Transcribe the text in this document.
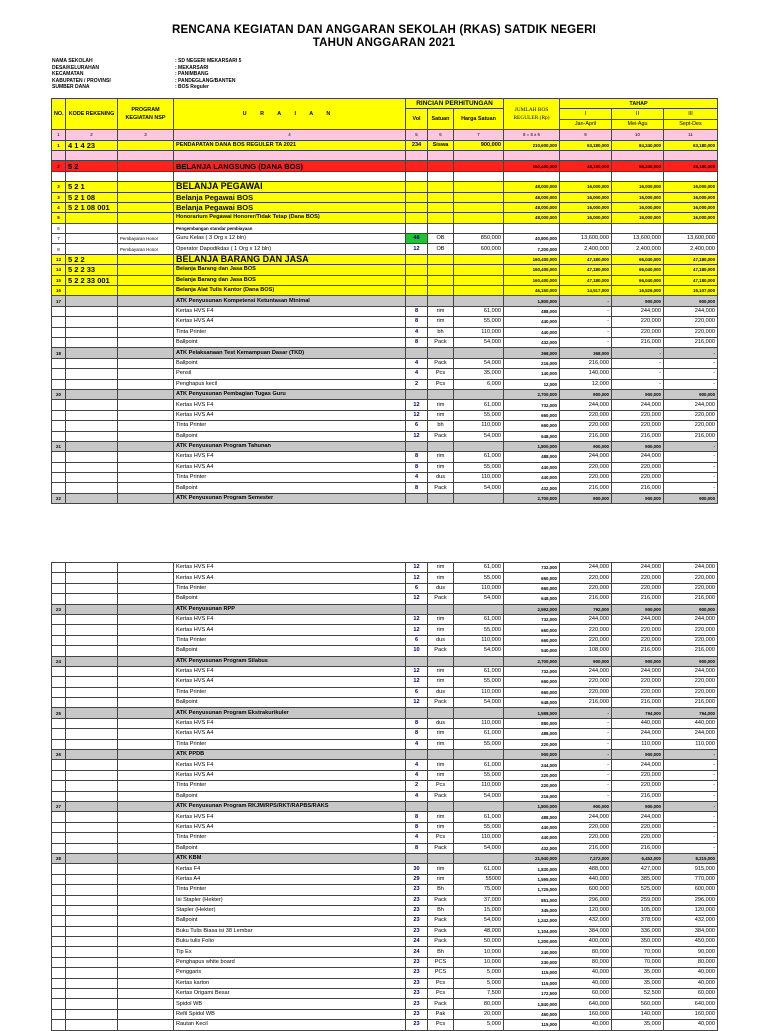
RENCANA KEGIATAN DAN ANGGARAN SEKOLAH (RKAS) SATDIK NEGERI
TAHUN ANGGARAN 2021
NAMA SEKOLAH	: SD NEGERI MEKARSARI 5
DESA/KELURAHAN	: MEKARSARI
KECAMATAN	: PANIMBANG
KABUPATEN / PROVINSI	: PANDEGLANG/BANTEN
SUMBER DANA	: BOS Reguler
NO.	KODE REKENING	PROGRAM KEGIATAN NSP	U R A I A N	RINCIAN PERHITUNGAN			JUMLAH BOS REGULER (Rp)	TAHAP		
				Vol	Satuan	Harga Satuan		I	II	III
								Jan-April	Mei-Agu	Sept-Des
1	2	3	4	5	6	7	8 = 5 x 6	9	10	11
1	4 1 4 23		PENDAPATAN DANA BOS REGULER TA 2021	234	Siswa	900,000	210,600,000	63,180,000	84,240,000	63,180,000

2	5 2		BELANJA LANGSUNG (DANA BOS)				160,400,000	48,180,000	66,240,000	48,180,000

3	5 2 1		BELANJA PEGAWAI				48,000,000	16,000,000	16,000,000	16,000,000
3	5 2 1 08		Belanja Pegawai BOS				48,000,000	16,000,000	16,000,000	16,000,000
4	5 2 1 08 001		Belanja Pegawai BOS				48,000,000	16,000,000	16,000,000	16,000,000
5			Honorarium Pegawai Honorer/Tidak Tetap (Dana BOS)				48,000,000	16,000,000	16,000,000	16,000,000
6			Pengembangan standar pembiayaan							
7		Pembayaran Honor	Guru Kelas ( 3 Org x 12 bln)	48	OB	850,000	40,800,000	13,600,000	13,600,000	13,600,000
8		Pembayaran Honor	Operator Dapodikdas ( 1 Org x 12 bln)	12	OB	600,000	7,200,000	2,400,000	2,400,000	2,400,000
13	5 2 2		BELANJA BARANG DAN JASA				160,400,000	47,180,000	66,040,000	47,180,000
14	5 2 2 33		Belanja Barang dan Jasa BOS				160,400,000	47,180,000	66,040,000	47,180,000
15	5 2 2 33 001		Belanja Barang dan Jasa BOS				160,400,000	47,180,000	66,040,000	47,180,000
16			Belanja Alat Tulis Kantor (Dana BOS)				46,150,000	14,517,000	16,526,000	15,107,000
17			ATK Penyusunan Kompetensi Ketuntasan Minimal				1,800,000	-	900,000	900,000
			Kertas HVS F4	8	rim	61,000	488,000	-	244,000	244,000
			Kertas HVS A4	8	rim	55,000	440,000	-	220,000	220,000
			Tinta Printer	4	bh	110,000	440,000	-	220,000	220,000
			Ballpoint	8	Pack	54,000	432,000	-	216,000	216,000
18			ATK Pelaksanaan Test Kemampuan Dasar (TKD)				368,000	368,000	-	-
			Ballpoint	4	Pack	54,000	216,000	216,000	-	-
			Pensil	4	Pcs	35,000	140,000	140,000	-	-
			Penghapus kecil	2	Pcs	6,000	12,000	12,000	-	-
20			ATK Penyusunan Pembagian Tugas Guru				2,700,000	900,000	900,000	900,000
			Kertas HVS F4	12	rim	61,000	732,000	244,000	244,000	244,000
			Kertas HVS A4	12	rim	55,000	660,000	220,000	220,000	220,000
			Tinta Printer	6	bh	110,000	660,000	220,000	220,000	220,000
			Ballpoint	12	Pack	54,000	648,000	216,000	216,000	216,000
21			ATK Penyusunan Program Tahunan				1,800,000	900,000	900,000	-
			Kertas HVS F4	8	rim	61,000	488,000	244,000	244,000	-
			Kertas HVS A4	8	rim	55,000	440,000	220,000	220,000	-
			Tinta Printer	4	dus	110,000	440,000	220,000	220,000	-
			Ballpoint	8	Pack	54,000	432,000	216,000	216,000	-
22			ATK Penyusunan Program Semester				2,700,000	900,000	900,000	900,000
			Kertas HVS F4	12	rim	61,000	732,000	244,000	244,000	244,000
			Kertas HVS A4	12	rim	55,000	660,000	220,000	220,000	220,000
			Tinta Printer	6	dus	110,000	660,000	220,000	220,000	220,000
			Ballpoint	12	Pack	54,000	648,000	216,000	216,000	216,000
23			ATK Penyusunan RPP				2,592,000	792,000	900,000	900,000
			Kertas HVS F4	12	rim	61,000	732,000	244,000	244,000	244,000
			Kertas HVS A4	12	rim	55,000	660,000	220,000	220,000	220,000
			Tinta Printer	6	dus	110,000	660,000	220,000	220,000	220,000
			Ballpoint	10	Pack	54,000	540,000	108,000	216,000	216,000
24			ATK Penyusunan Program Silabus				2,700,000	900,000	900,000	900,000
			Kertas HVS F4	12	rim	61,000	732,000	244,000	244,000	244,000
			Kertas HVS A4	12	rim	55,000	660,000	220,000	220,000	220,000
			Tinta Printer	6	dus	110,000	660,000	220,000	220,000	220,000
			Ballpoint	12	Pack	54,000	648,000	216,000	216,000	216,000
25			ATK Penyusunan Program Ekstrakurikuler				1,588,000	-	794,000	794,000
			Kertas HVS F4	8	dus	110,000	880,000	-	440,000	440,000
			Kertas HVS A4	8	rim	61,000	488,000	-	244,000	244,000
			Tinta Printer	4	rim	55,000	220,000	-	110,000	110,000
26			ATK PPDB				900,000	-	900,000	-
			Kertas HVS F4	4	rim	61,000	244,000	-	244,000	-
			Kertas HVS A4	4	rim	55,000	220,000	-	220,000	-
			Tinta Printer	2	Pcs	110,000	220,000	-	220,000	-
			Ballpoint	4	Pack	54,000	216,000	-	216,000	-
27			ATK Penyusunan Program RKJM/RPS/RKT/RAPBS/RAKS				1,800,000	900,000	900,000	-
			Kertas HVS F4	8	rim	61,000	488,000	244,000	244,000	-
			Kertas HVS A4	8	rim	55,000	440,000	220,000	220,000	-
			Tinta Printer	4	Pcs	110,000	440,000	220,000	220,000	-
			Ballpoint	8	Pack	54,000	432,000	216,000	216,000	-
28			ATK KBM				21,940,000	7,272,000	6,452,000	8,215,000
			Kertas F4	30	rim	61,000	1,830,000	488,000	427,000	915,000
			Kertas A4	29	rim	55000	1,595,000	440,000	385,000	770,000
			Tinta Printer	23	Bh	75,000	1,725,000	600,000	525,000	600,000
			Isi Stapler (Hekter)	23	Pack	37,000	851,000	296,000	259,000	296,000
			Stapler (Hekter)	23	Bh	15,000	345,000	120,000	105,000	120,000
			Ballpoint	23	Pack	54,000	1,242,000	432,000	378,000	432,000
			Buku Tulis Biasa isi 38 Lembar	23	Pack	48,000	1,104,000	384,000	336,000	384,000
			Buku tulis Folio	24	Pack	50,000	1,200,000	400,000	350,000	450,000
			Tip Ex	24	Bh	10,000	240,000	80,000	70,000	90,000
			Penghapus white board	23	PCS	10,000	230,000	80,000	70,000	80,000
			Penggaris	23	PCS	5,000	115,000	40,000	35,000	40,000
			Kertas karton	23	Pcs	5,000	115,000	40,000	35,000	40,000
			Kertas Origami Besar	23	Pcs	7,500	172,500	60,000	52,500	60,000
			Spidol WB	23	Pack	80,000	1,840,000	640,000	560,000	640,000
			Refil Spidol WB	23	Pak	20,000	460,000	160,000	140,000	160,000
			Rautan Kecil	23	Pcs	5,000	115,000	40,000	35,000	40,000
